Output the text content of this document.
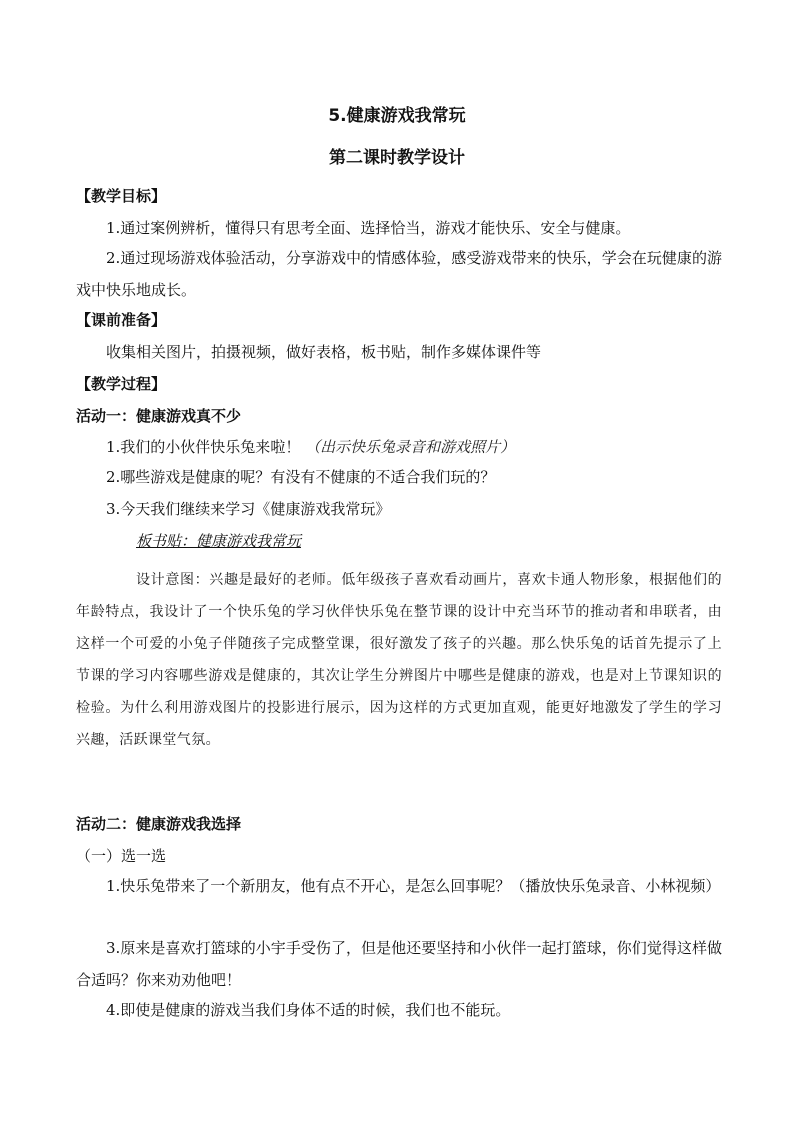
5.健康游戏我常玩
第二课时教学设计
【教学目标】
1.通过案例辨析，懂得只有思考全面、选择恰当，游戏才能快乐、安全与健康。
2.通过现场游戏体验活动，分享游戏中的情感体验，感受游戏带来的快乐，学会在玩健康的游戏中快乐地成长。
【课前准备】
收集相关图片，拍摄视频，做好表格，板书贴，制作多媒体课件等
【教学过程】
活动一：健康游戏真不少
1.我们的小伙伴快乐兔来啦！ （出示快乐兔录音和游戏照片）
2.哪些游戏是健康的呢？有没有不健康的不适合我们玩的？
3.今天我们继续来学习《健康游戏我常玩》
板书贴：健康游戏我常玩
设计意图：兴趣是最好的老师。低年级孩子喜欢看动画片，喜欢卡通人物形象，根据他们的年龄特点，我设计了一个快乐兔的学习伙伴快乐兔在整节课的设计中充当环节的推动者和串联者，由这样一个可爱的小兔子伴随孩子完成整堂课，很好激发了孩子的兴趣。那么快乐兔的话首先提示了上节课的学习内容哪些游戏是健康的，其次让学生分辨图片中哪些是健康的游戏，也是对上节课知识的检验。为什么利用游戏图片的投影进行展示，因为这样的方式更加直观，能更好地激发了学生的学习兴趣，活跃课堂气氛。
活动二：健康游戏我选择
（一）选一选
1.快乐兔带来了一个新朋友，他有点不开心，是怎么回事呢？（播放快乐兔录音、小林视频）
3.原来是喜欢打篮球的小宇手受伤了，但是他还要坚持和小伙伴一起打篮球，你们觉得这样做合适吗？你来劝劝他吧！
4.即使是健康的游戏当我们身体不适的时候，我们也不能玩。
